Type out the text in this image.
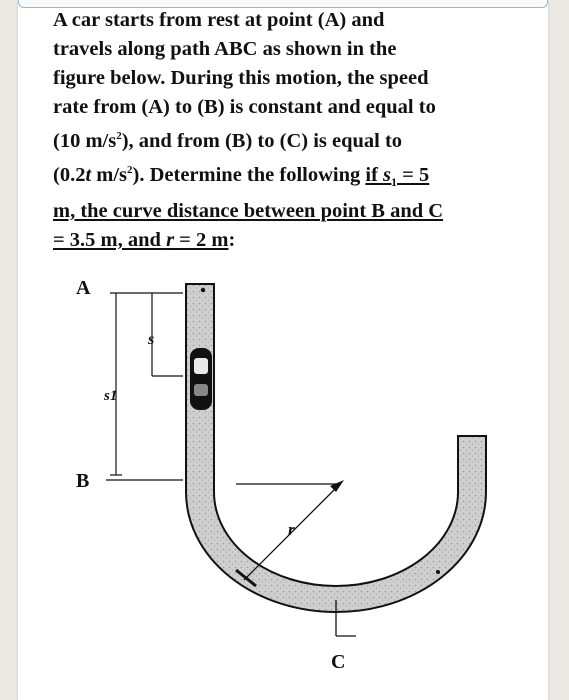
A car starts from rest at point (A) and
travels along path ABC as shown in the
figure below. During this motion, the speed
rate from (A) to (B) is constant and equal to
(10 $m/s^2$), and from (B) to (C) is equal to
(0.2t $m/s^2$). Determine the following if $s_1 = 5$
m, the curve distance between point B and C
= 3.5 m, and r = 2 m:

A
s1
s
B
r
C
